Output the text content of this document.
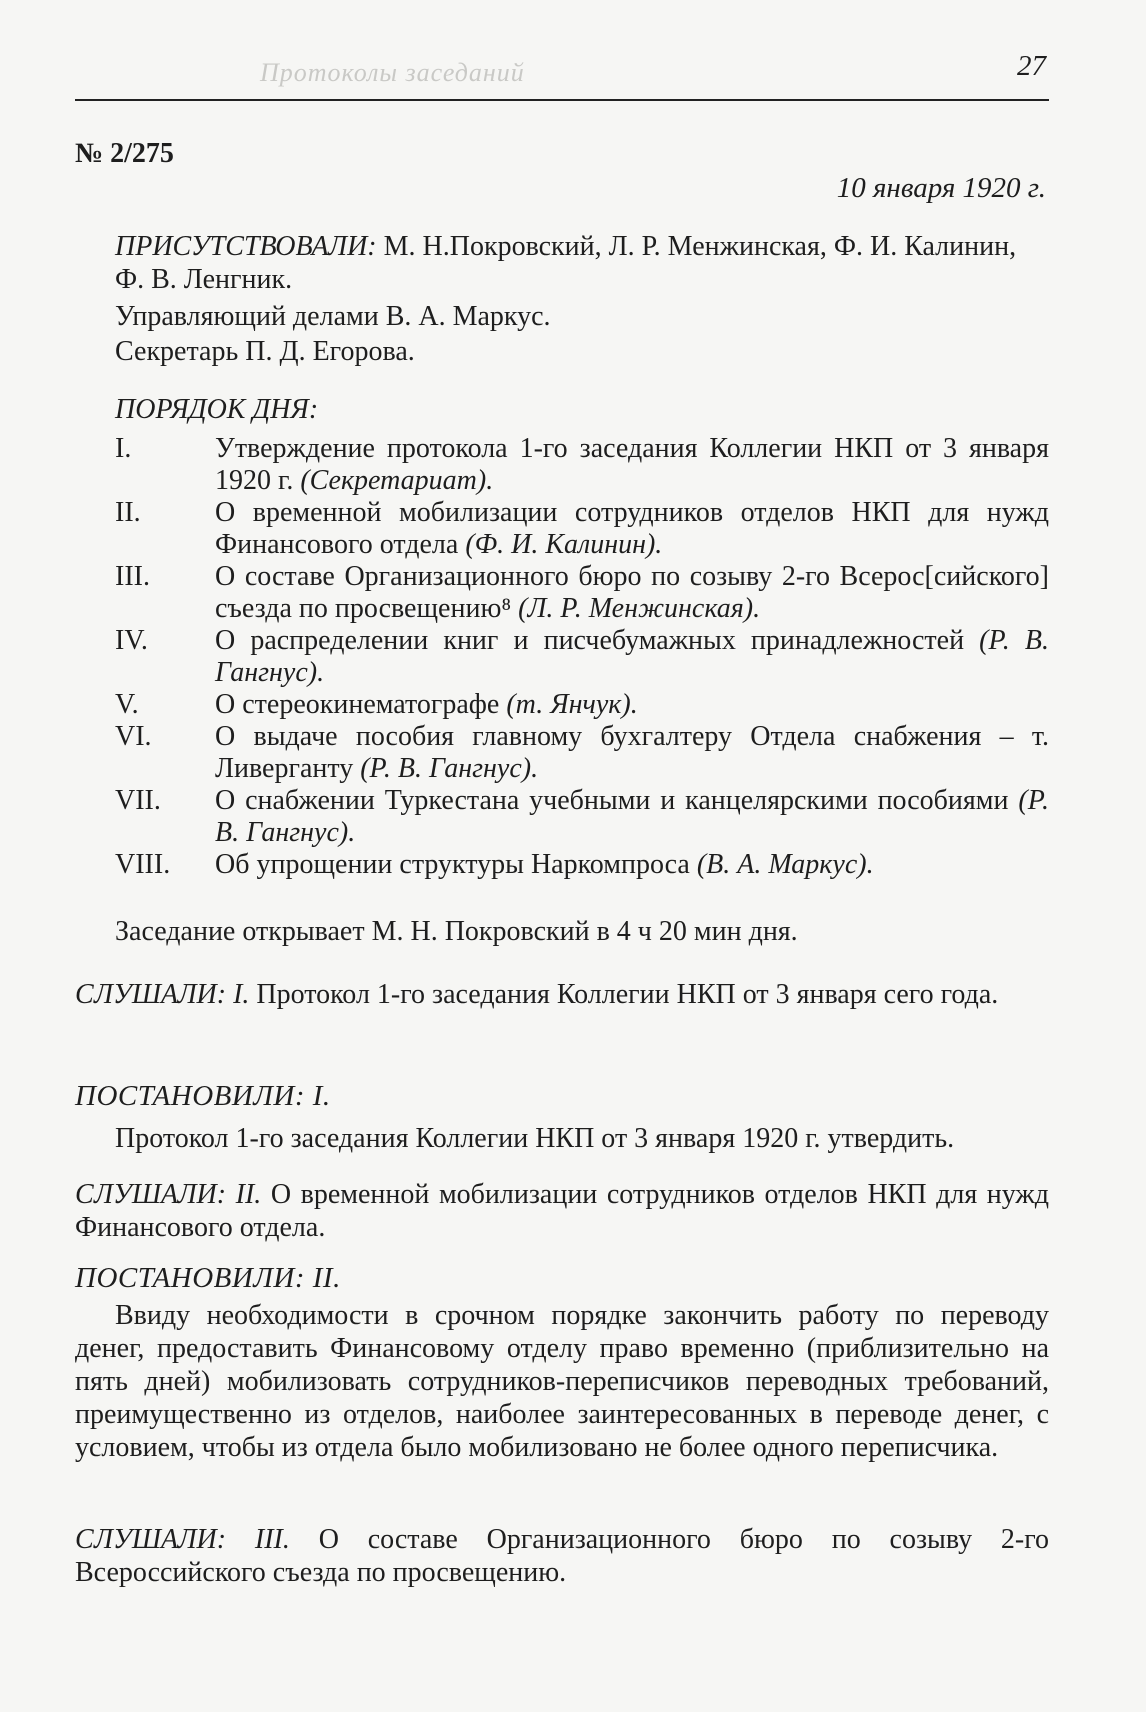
Протоколы заседаний	27
№ 2/275
10 января 1920 г.
ПРИСУТСТВОВАЛИ: М. Н.Покровский, Л. Р. Менжинская, Ф. И. Калинин, Ф. В. Ленгник.
Управляющий делами В. А. Маркус.
Секретарь П. Д. Егорова.
ПОРЯДОК ДНЯ:
I.	Утверждение протокола 1-го заседания Коллегии НКП от 3 января 1920 г. (Секретариат).
II.	О временной мобилизации сотрудников отделов НКП для нужд Финансового отдела (Ф. И. Калинин).
III.	О составе Организационного бюро по созыву 2-го Всерос[сийского] съезда по просвещению⁸ (Л. Р. Менжинская).
IV.	О распределении книг и писчебумажных принадлежностей (Р. В. Гангнус).
V.	О стереокинематографе (т. Янчук).
VI.	О выдаче пособия главному бухгалтеру Отдела снабжения – т. Ливерганту (Р. В. Гангнус).
VII.	О снабжении Туркестана учебными и канцелярскими пособиями (Р. В. Гангнус).
VIII.	Об упрощении структуры Наркомпроса (В. А. Маркус).
Заседание открывает М. Н. Покровский в 4 ч 20 мин дня.
СЛУШАЛИ: I. Протокол 1-го заседания Коллегии НКП от 3 января сего года.
ПОСТАНОВИЛИ: I.
Протокол 1-го заседания Коллегии НКП от 3 января 1920 г. утвердить.
СЛУШАЛИ: II. О временной мобилизации сотрудников отделов НКП для нужд Финансового отдела.
ПОСТАНОВИЛИ: II.
Ввиду необходимости в срочном порядке закончить работу по переводу денег, предоставить Финансовому отделу право временно (приблизительно на пять дней) мобилизовать сотрудников-переписчиков переводных требований, преимущественно из отделов, наиболее заинтересованных в переводе денег, с условием, чтобы из отдела было мобилизовано не более одного переписчика.
СЛУШАЛИ: III. О составе Организационного бюро по созыву 2-го Всероссийского съезда по просвещению.
